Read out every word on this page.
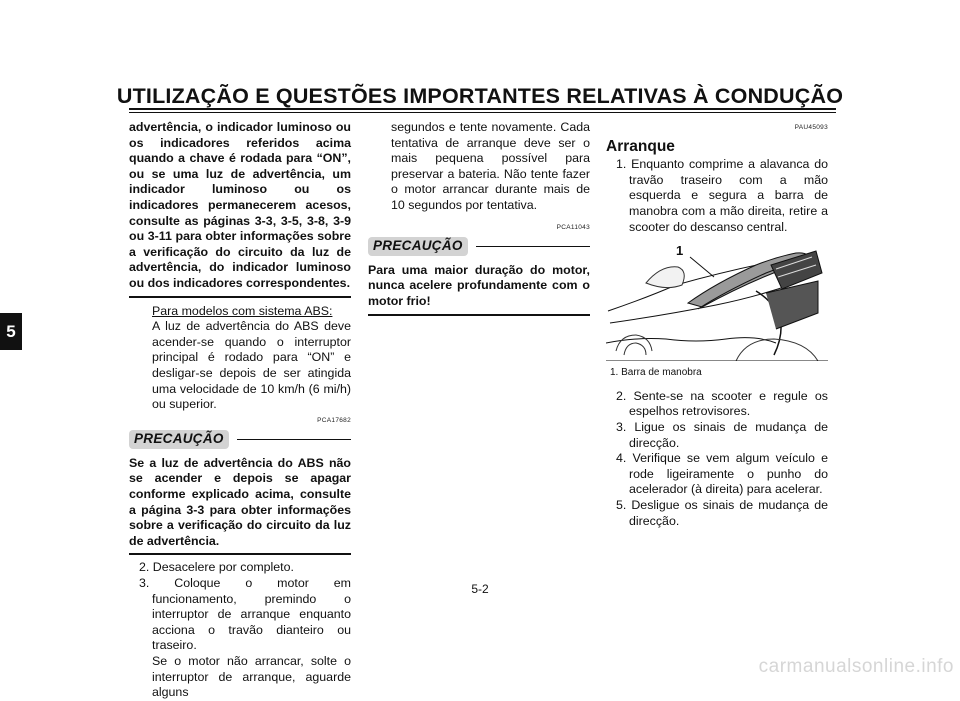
UTILIZAÇÃO E QUESTÕES IMPORTANTES RELATIVAS À CONDUÇÃO
5
advertência, o indicador luminoso ou os indicadores referidos acima quando a chave é rodada para “ON”, ou se uma luz de advertência, um indicador luminoso ou os indicadores permanecerem acesos, consulte as páginas 3-3, 3-5, 3-8, 3-9 ou 3-11 para obter informações sobre a verificação do circuito da luz de advertência, do indicador luminoso ou dos indicadores correspondentes.
Para modelos com sistema ABS:
A luz de advertência do ABS deve acender-se quando o interruptor principal é rodado para “ON” e desligar-se depois de ser atingida uma velocidade de 10 km/h (6 mi/h) ou superior.
PCA17682
PRECAUÇÃO
Se a luz de advertência do ABS não se acender e depois se apagar conforme explicado acima, consulte a página 3-3 para obter informações sobre a verificação do circuito da luz de advertência.
2. Desacelere por completo.
3. Coloque o motor em funcionamento, premindo o interruptor de arranque enquanto acciona o travão dianteiro ou traseiro.
Se o motor não arrancar, solte o interruptor de arranque, aguarde alguns
segundos e tente novamente. Cada tentativa de arranque deve ser o mais pequena possível para preservar a bateria. Não tente fazer o motor arrancar durante mais de 10 segundos por tentativa.
PCA11043
PRECAUÇÃO
Para uma maior duração do motor, nunca acelere profundamente com o motor frio!
PAU45093
Arranque
1. Enquanto comprime a alavanca do travão traseiro com a mão esquerda e segura a barra de manobra com a mão direita, retire a scooter do descanso central.
1
1. Barra de manobra
2. Sente-se na scooter e regule os espelhos retrovisores.
3. Ligue os sinais de mudança de direcção.
4. Verifique se vem algum veículo e rode ligeiramente o punho do acelerador (à direita) para acelerar.
5. Desligue os sinais de mudança de direcção.
5-2
carmanualsonline.info
